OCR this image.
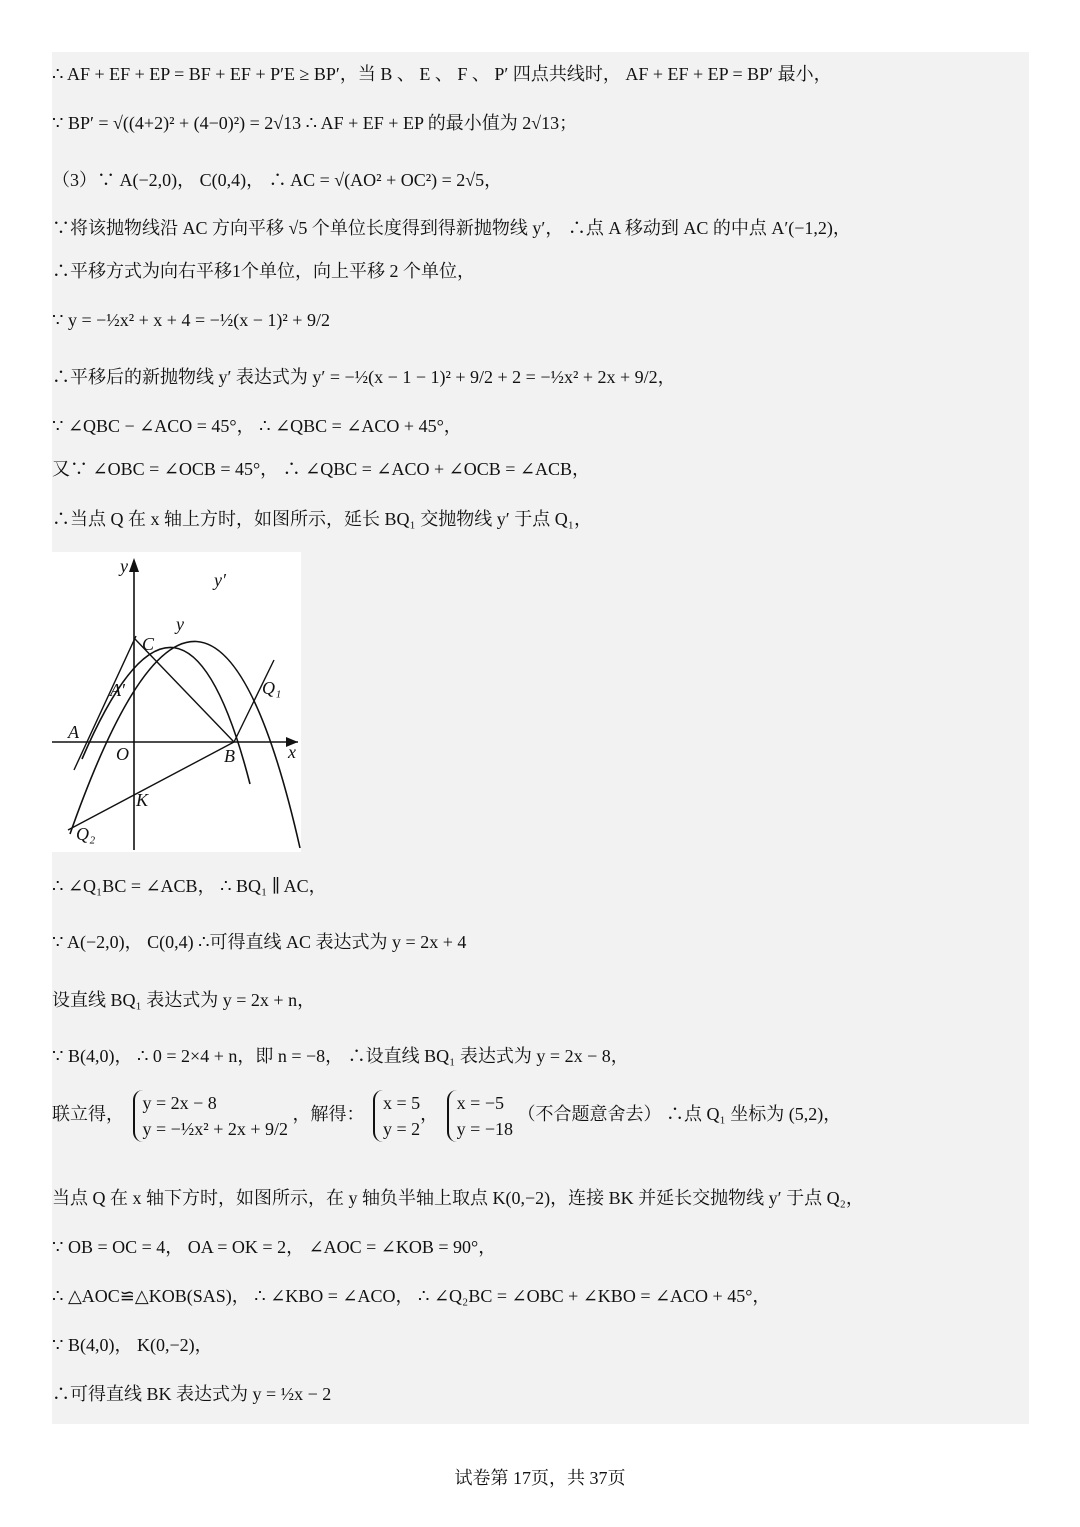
∴ AF + EF + EP = BF + EF + P′E ≥ BP′，当 B 、 E 、 F 、 P′ 四点共线时， AF + EF + EP = BP′ 最小，
∵ BP′ = √((4+2)² + (4−0)²) = 2√13 ∴ AF + EF + EP 的最小值为 2√13；
（3）∵ A(−2,0)， C(0,4)， ∴ AC = √(AO² + OC²) = 2√5，
∵将该抛物线沿 AC 方向平移 √5 个单位长度得到得新抛物线 y′， ∴点 A 移动到 AC 的中点 A′(−1,2)，
∴平移方式为向右平移1个单位，向上平移 2 个单位，
∵ y = −½x² + x + 4 = −½(x − 1)² + 9/2
∴平移后的新抛物线 y′ 表达式为 y′ = −½(x − 1 − 1)² + 9/2 + 2 = −½x² + 2x + 9/2，
∵ ∠QBC − ∠ACO = 45°， ∴ ∠QBC = ∠ACO + 45°，
又∵ ∠OBC = ∠OCB = 45°， ∴ ∠QBC = ∠ACO + ∠OCB = ∠ACB，
∴当点 Q 在 x 轴上方时，如图所示，延长 BQ₁ 交抛物线 y′ 于点 Q₁，
y
x
y′
y
C
A′
A
O	B
K
Q₁
Q₂
∴ ∠Q₁BC = ∠ACB， ∴ BQ₁ ∥ AC，
∵ A(−2,0)， C(0,4) ∴可得直线 AC 表达式为 y = 2x + 4
设直线 BQ₁ 表达式为 y = 2x + n，
∵ B(4,0)， ∴ 0 = 2×4 + n，即 n = −8， ∴设直线 BQ₁ 表达式为 y = 2x − 8，
联立得，
y = 2x − 8
y = −½x² + 2x + 9/2
，解得：
x = 5
y = 2
，
x = −5
y = −18
（不合题意舍去） ∴点 Q₁ 坐标为 (5,2)，
当点 Q 在 x 轴下方时，如图所示，在 y 轴负半轴上取点 K(0,−2)，连接 BK 并延长交抛物线 y′ 于点 Q₂，
∵ OB = OC = 4， OA = OK = 2， ∠AOC = ∠KOB = 90°，
∴ △AOC≌△KOB(SAS)， ∴ ∠KBO = ∠ACO， ∴ ∠Q₂BC = ∠OBC + ∠KBO = ∠ACO + 45°，
∵ B(4,0)， K(0,−2)，
∴可得直线 BK 表达式为 y = ½x − 2
试卷第 17页，共 37页
